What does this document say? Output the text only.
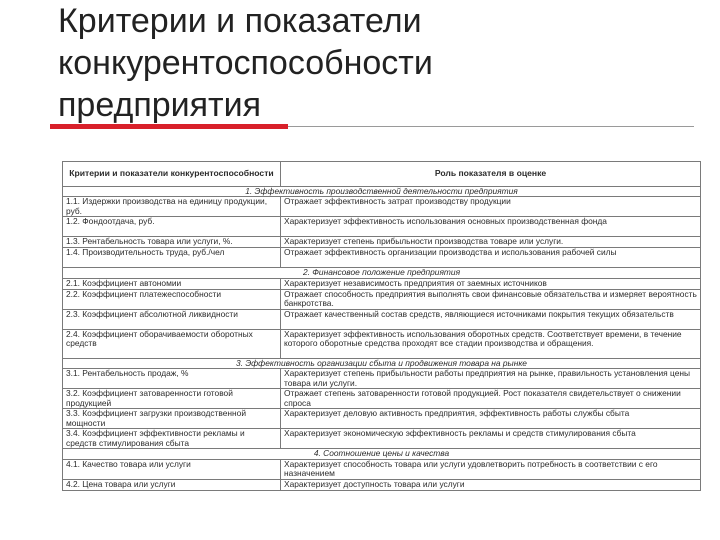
Критерии и показатели
конкурентоспособности
предприятия
Критерии и показатели конкурентоспособности	Роль показателя в оценке
1. Эффективность производственной деятельности предприятия	
1.1. Издержки производства на единицу продукции, руб.	Отражает эффективность затрат производству продукции
1.2. Фондоотдача, руб.	Характеризует эффективность использования основных производственная фонда
1.3. Рентабельность товара или услуги, %.	Характеризует степень прибыльности производства товаре или услуги.
1.4. Производительность труда, руб./чел	Отражает эффективность организации производства и использования рабочей силы
2. Финансовое положение предприятия	
2.1. Коэффициент автономии	Характеризует независимость предприятия от заемных источников
2.2. Коэффициент платежеспособности	Отражает способность предприятия выполнять свои финансовые обязательства и измеряет вероятность банкротства.
2.3. Коэффициент абсолютной ликвидности	Отражает качественный состав средств, являющиеся источниками покрытия текущих обязательств
2.4. Коэффициент оборачиваемости оборотных средств	Характеризует эффективность использования оборотных средств. Соответствует времени, в течение которого оборотные средства проходят все стадии производства и обращения.
3. Эффективность организации сбыта и продвижения товара на рынке	
3.1. Рентабельность продаж, %	Характеризует степень прибыльности работы предприятия на рынке, правильность установления цены товара или услуги.
3.2. Коэффициент затоваренности готовой продукцией	Отражает степень затоваренности готовой продукцией. Рост показателя свидетельствует о снижении спроса
3.3. Коэффициент загрузки производственной мощности	Характеризует деловую активность предприятия, эффективность работы службы сбыта
3.4. Коэффициент эффективности рекламы и средств стимулирования сбыта	Характеризует экономическую эффективность рекламы и средств стимулирования сбыта
4. Соотношение цены и качества	
4.1. Качество товара или услуги	Характеризует способность товара или услуги удовлетворить потребность в соответствии с его назначением
4.2. Цена товара или услуги	Характеризует доступность товара или услуги
